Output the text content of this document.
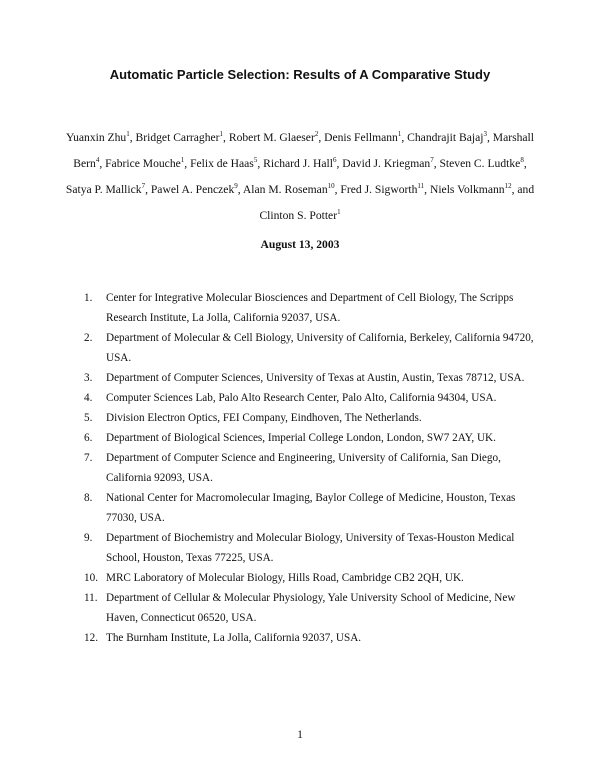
Automatic Particle Selection: Results of A Comparative Study
Yuanxin Zhu$^1$, Bridget Carragher$^1$, Robert M. Glaeser$^2$, Denis Fellmann$^1$, Chandrajit Bajaj$^3$, Marshall Bern$^4$, Fabrice Mouche$^1$, Felix de Haas$^5$, Richard J. Hall$^6$, David J. Kriegman$^7$, Steven C. Ludtke$^8$, Satya P. Mallick$^7$, Pawel A. Penczek$^9$, Alan M. Roseman$^{10}$, Fred J. Sigworth$^{11}$, Niels Volkmann$^{12}$, and Clinton S. Potter$^1$
August 13, 2003
1.	Center for Integrative Molecular Biosciences and Department of Cell Biology, The Scripps Research Institute, La Jolla, California 92037, USA.
2.	Department of Molecular & Cell Biology, University of California, Berkeley, California 94720, USA.
3.	Department of Computer Sciences, University of Texas at Austin, Austin, Texas 78712, USA.
4.	Computer Sciences Lab, Palo Alto Research Center, Palo Alto, California 94304, USA.
5.	Division Electron Optics, FEI Company, Eindhoven, The Netherlands.
6.	Department of Biological Sciences, Imperial College London, London, SW7 2AY, UK.
7.	Department of Computer Science and Engineering, University of California, San Diego, California 92093, USA.
8.	National Center for Macromolecular Imaging, Baylor College of Medicine, Houston, Texas 77030, USA.
9.	Department of Biochemistry and Molecular Biology, University of Texas-Houston Medical School, Houston, Texas 77225, USA.
10. MRC Laboratory of Molecular Biology, Hills Road, Cambridge CB2 2QH, UK.
11. Department of Cellular & Molecular Physiology, Yale University School of Medicine, New Haven, Connecticut 06520, USA.
12. The Burnham Institute, La Jolla, California 92037, USA.
1
